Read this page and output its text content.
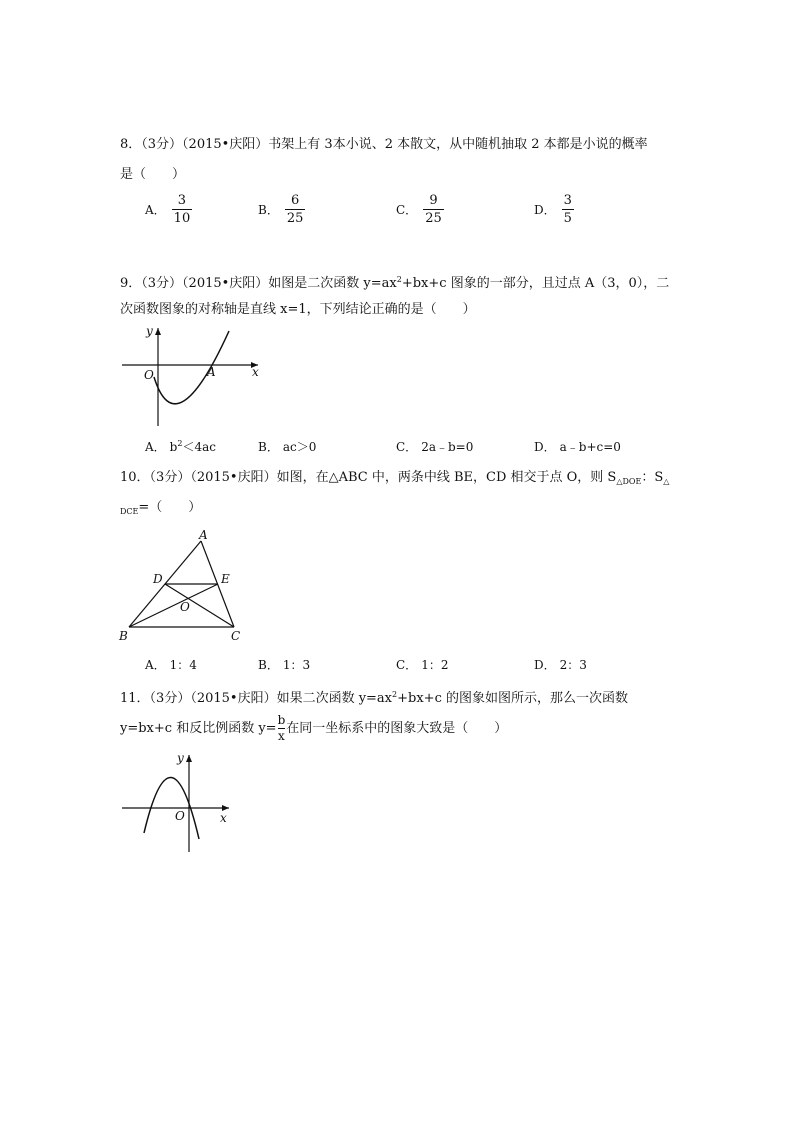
8．（3分）（2015•庆阳）书架上有 3本小说、2 本散文，从中随机抽取 2 本都是小说的概率
是（　　）
A． $\frac{3}{10}$	B． $\frac{6}{25}$	C． $\frac{9}{25}$	D． $\frac{3}{5}$
9．（3分）（2015•庆阳）如图是二次函数 $y=ax^2+bx+c$ 图象的一部分，且过点 A（3，0），二
次函数图象的对称轴是直线 x=1，下列结论正确的是（　　）
y
x
O	A
A． $b^2<4ac$	B． ac＞0	C． 2a﹣b=0	D． a﹣b+c=0
10．（3分）（2015•庆阳）如图，在△ABC 中，两条中线 BE，CD 相交于点 O，则 $S_{\triangle DOE}$：$S_\triangle$
$_{DCE}$=（　　）
A
B	C
D	E
O
A． 1：4	B． 1：3	C． 1：2	D． 2：3
11．（3分）（2015•庆阳）如果二次函数 $y=ax^2+bx+c$ 的图象如图所示，那么一次函数
y=bx+c 和反比例函数 $y= \frac{b}{x}$ 在同一坐标系中的图象大致是（　　）
y
x
O
